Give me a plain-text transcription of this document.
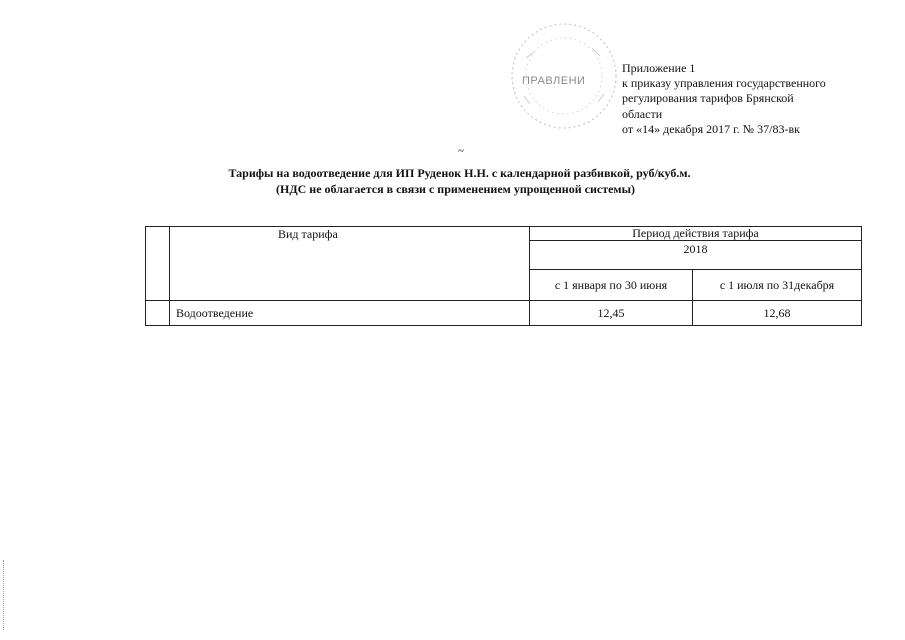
ПРАВЛЕНИ
Приложение 1
к приказу управления государственного
регулирования тарифов Брянской
области
от «14» декабря 2017 г. № 37/83-вк
~
Тарифы на водоотведение для ИП Руденок Н.Н. с календарной разбивкой, руб/куб.м.
(НДС не облагается в связи с применением упрощенной системы)
	Вид тарифа	Период действия тарифа	
		2018	
		с 1 января по 30 июня	с 1 июля по 31декабря
	Водоотведение	12,45	12,68
